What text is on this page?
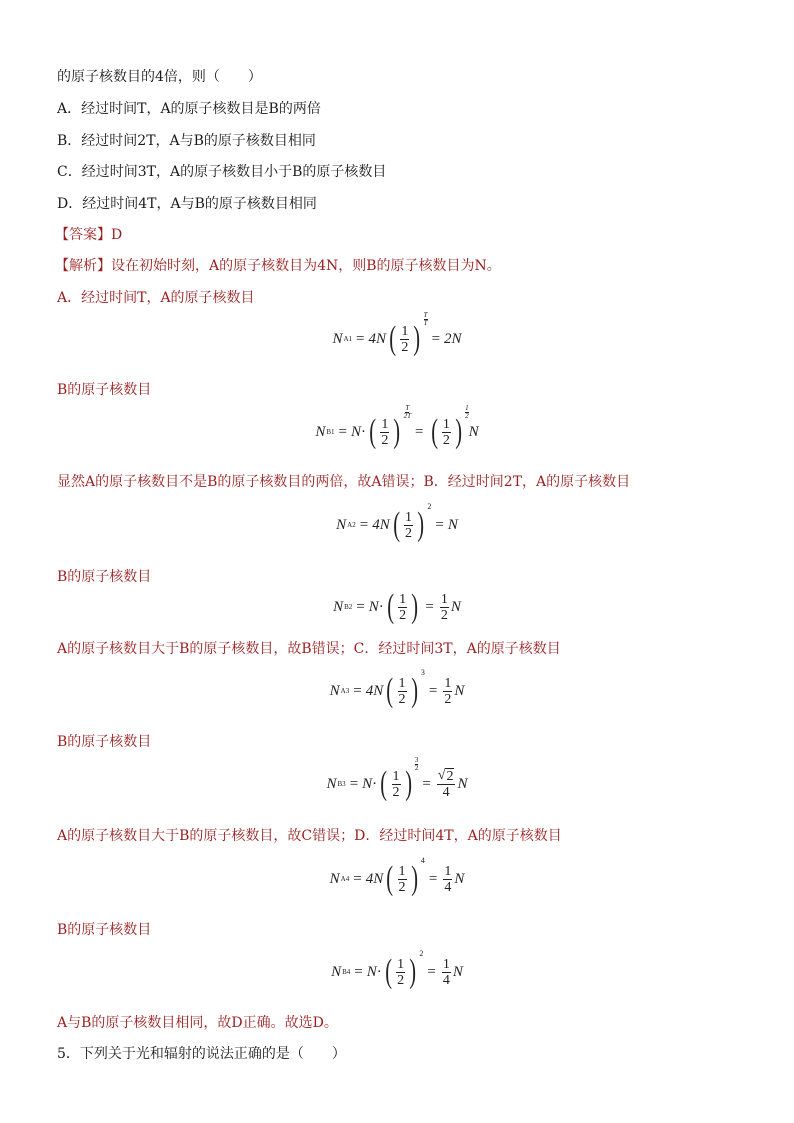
的原子核数目的4倍，则（　　）
A．经过时间T，A的原子核数目是B的两倍
B．经过时间2T，A与B的原子核数目相同
C．经过时间3T，A的原子核数目小于B的原子核数目
D．经过时间4T，A与B的原子核数目相同
【答案】D
【解析】设在初始时刻，A的原子核数目为4N，则B的原子核数目为N。
A．经过时间T，A的原子核数目
N A1 = 4N ( $\frac{1}{2}$ )
$\frac{T}{T}$
= 2N
B的原子核数目
N B1 = N · ( $\frac{1}{2}$ )
$\frac{T}{2T}$
= ( $\frac{1}{2}$ )
1
2
N
显然A的原子核数目不是B的原子核数目的两倍，故A错误；B．经过时间2T，A的原子核数目
N A2 = 4N ( $\frac{1}{2}$ ) 2
= N
B的原子核数目
N B2 = N · ( $\frac{1}{2}$ ) = $\frac{1}{2}$ N
A的原子核数目大于B的原子核数目，故B错误；C．经过时间3T，A的原子核数目
N A3 = 4N ( $\frac{1}{2}$ ) 3
= $\frac{1}{2}$ N
B的原子核数目
N B3 = N · ( $\frac{1}{2}$ )
$\frac{3}{2}$
= $\frac{√ 2}{4}$ N
A的原子核数目大于B的原子核数目，故C错误；D．经过时间4T，A的原子核数目
N A4 = 4N ( $\frac{1}{2}$ ) 4
= $\frac{1}{4}$ N
B的原子核数目
N B4 = N · ( $\frac{1}{2}$ ) 2
= $\frac{1}{4}$ N
A与B的原子核数目相同，故D正确。故选D。
5．下列关于光和辐射的说法正确的是（　　）
